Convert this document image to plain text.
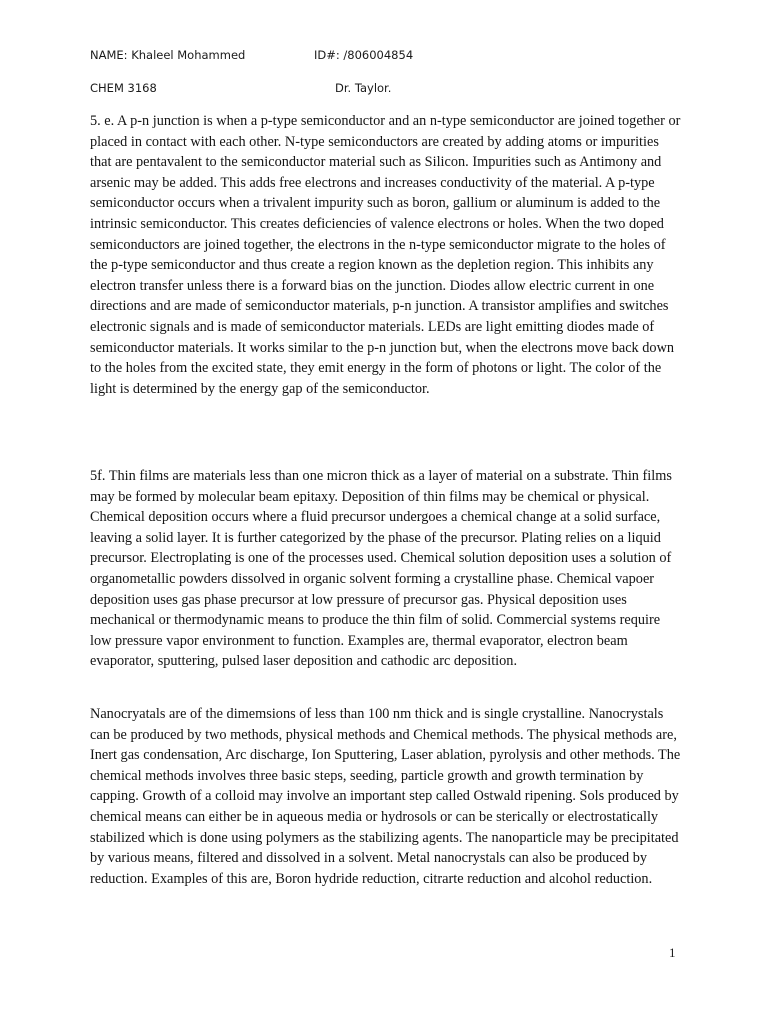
NAME: Khaleel Mohammed	ID#: /806004854
CHEM 3168	Dr. Taylor.

5. e. A p-n junction is when a p-type semiconductor and an n-type semiconductor are joined together or placed in contact with each other. N-type semiconductors are created by adding atoms or impurities that are pentavalent to the semiconductor material such as Silicon. Impurities such as Antimony and arsenic may be added. This adds free electrons and increases conductivity of the material. A p-type semiconductor occurs when a trivalent impurity such as boron, gallium or aluminum is added to the intrinsic semiconductor. This creates deficiencies of valence electrons or holes. When the two doped semiconductors are joined together, the electrons in the n-type semiconductor migrate to the holes of the p-type semiconductor and thus create a region known as the depletion region. This inhibits any electron transfer unless there is a forward bias on the junction. Diodes allow electric current in one directions and are made of semiconductor materials, p-n junction. A transistor amplifies and switches electronic signals and is made of semiconductor materials. LEDs are light emitting diodes made of semiconductor materials. It works similar to the p-n junction but, when the electrons move back down to the holes from the excited state, they emit energy in the form of photons or light. The color of the light is determined by the energy gap of the semiconductor.

5f. Thin films are materials less than one micron thick as a layer of material on a substrate. Thin films may be formed by molecular beam epitaxy. Deposition of thin films may be chemical or physical. Chemical deposition occurs where a fluid precursor undergoes a chemical change at a solid surface, leaving a solid layer. It is further categorized by the phase of the precursor. Plating relies on a liquid precursor. Electroplating is one of the processes used. Chemical solution deposition uses a solution of organometallic powders dissolved in organic solvent forming a crystalline phase. Chemical vapoer deposition uses gas phase precursor at low pressure of precursor gas. Physical deposition uses mechanical or thermodynamic means to produce the thin film of solid. Commercial systems require low pressure vapor environment to function. Examples are, thermal evaporator, electron beam evaporator, sputtering, pulsed laser deposition and cathodic arc deposition.

Nanocryatals are of the dimemsions of less than 100 nm thick and is single crystalline. Nanocrystals can be produced by two methods, physical methods and Chemical methods. The physical methods are, Inert gas condensation, Arc discharge, Ion Sputtering, Laser ablation, pyrolysis and other methods. The chemical methods involves three basic steps, seeding, particle growth and growth termination by capping. Growth of a colloid may involve an important step called Ostwald ripening. Sols produced by chemical means can either be in aqueous media or hydrosols or can be sterically or electrostatically stabilized which is done using polymers as the stabilizing agents. The nanoparticle may be precipitated by various means, filtered and dissolved in a solvent. Metal nanocrystals can also be produced by reduction. Examples of this are, Boron hydride reduction, citrarte reduction and alcohol reduction.

1
